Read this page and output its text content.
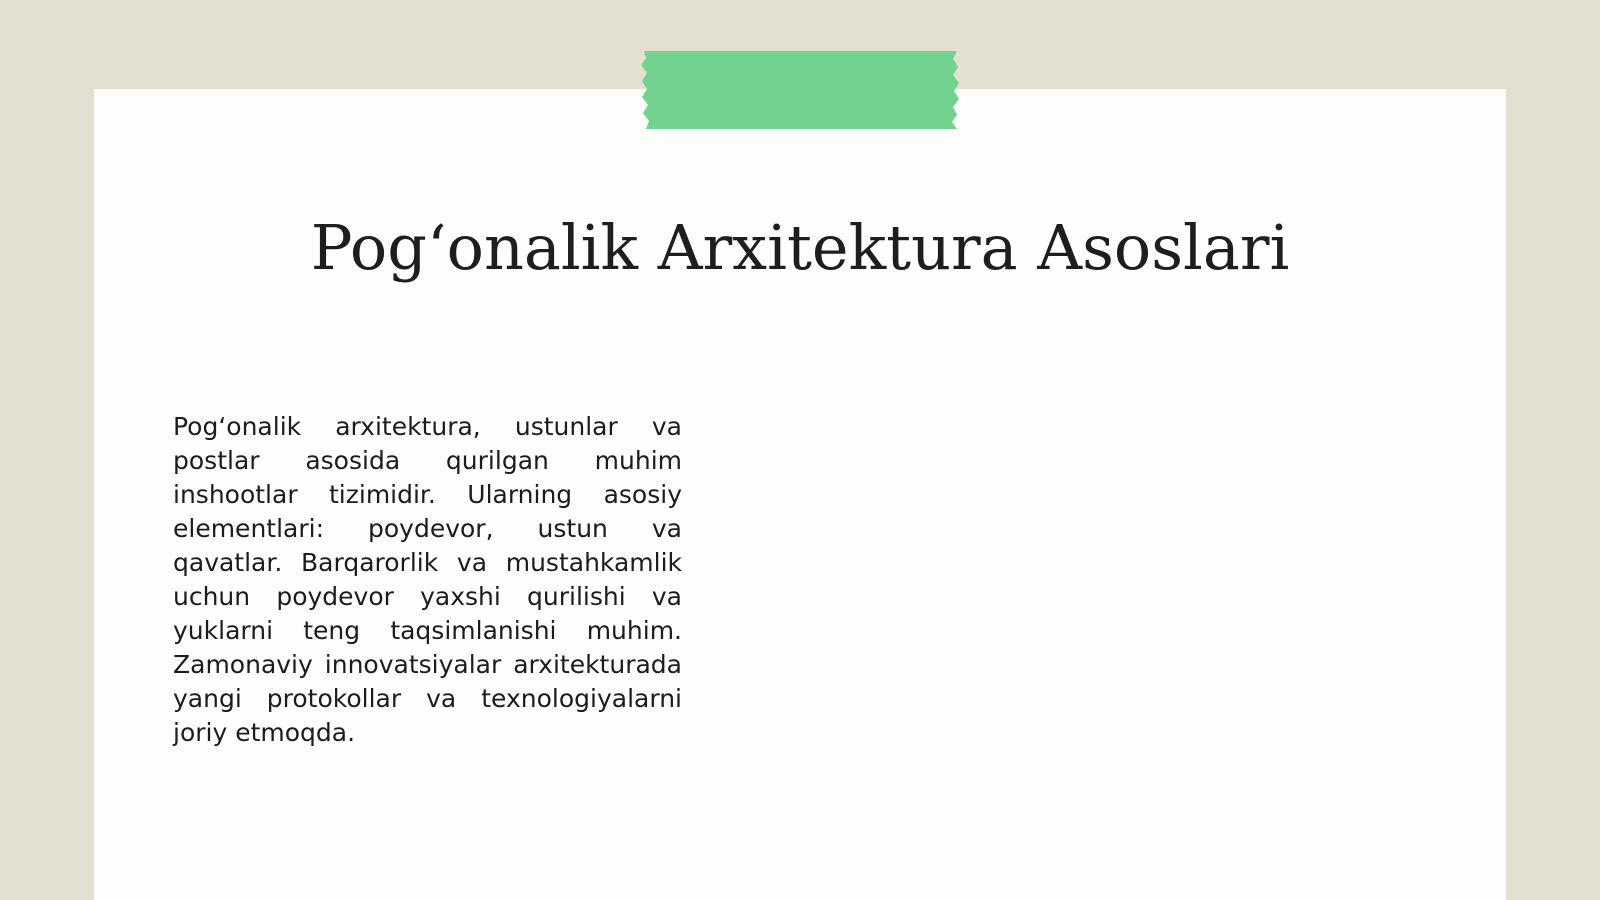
Pog‘onalik Arxitektura Asoslari

Pog‘onalik arxitektura, ustunlar va postlar asosida qurilgan muhim inshootlar tizimidir. Ularning asosiy elementlari: poydevor, ustun va qavatlar. Barqarorlik va mustahkamlik uchun poydevor yaxshi qurilishi va yuklarni teng taqsimlanishi muhim. Zamonaviy innovatsiyalar arxitekturada yangi protokollar va texnologiyalarni joriy etmoqda.
